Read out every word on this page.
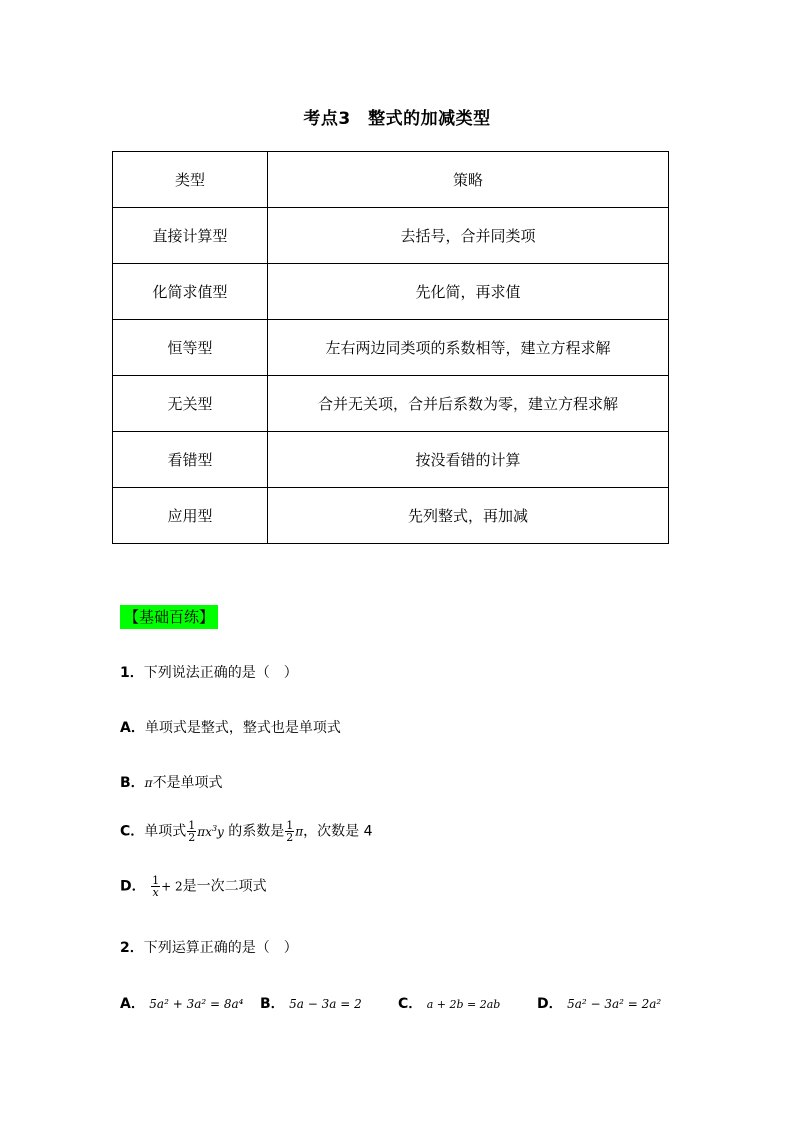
考点3　整式的加减类型
类型	策略
直接计算型	去括号，合并同类项
化简求值型	先化简，再求值
恒等型	左右两边同类项的系数相等，建立方程求解
无关型	合并无关项，合并后系数为零，建立方程求解
看错型	按没看错的计算
应用型	先列整式，再加减
【基础百练】
1．下列说法正确的是（　）
A．单项式是整式，整式也是单项式
B．π不是单项式
C．单项式 $\frac{1}{2} \pi x^3y$ 的系数是 $\frac{1}{2}$ π，次数是 4
D． $\frac{1}{x} + 2$是一次二项式
2．下列运算正确的是（　）
A． 5a² + 3a² = 8a⁴ B． 5a − 3a = 2	C． a + 2b = 2ab	D． 5a² − 3a² = 2a²
